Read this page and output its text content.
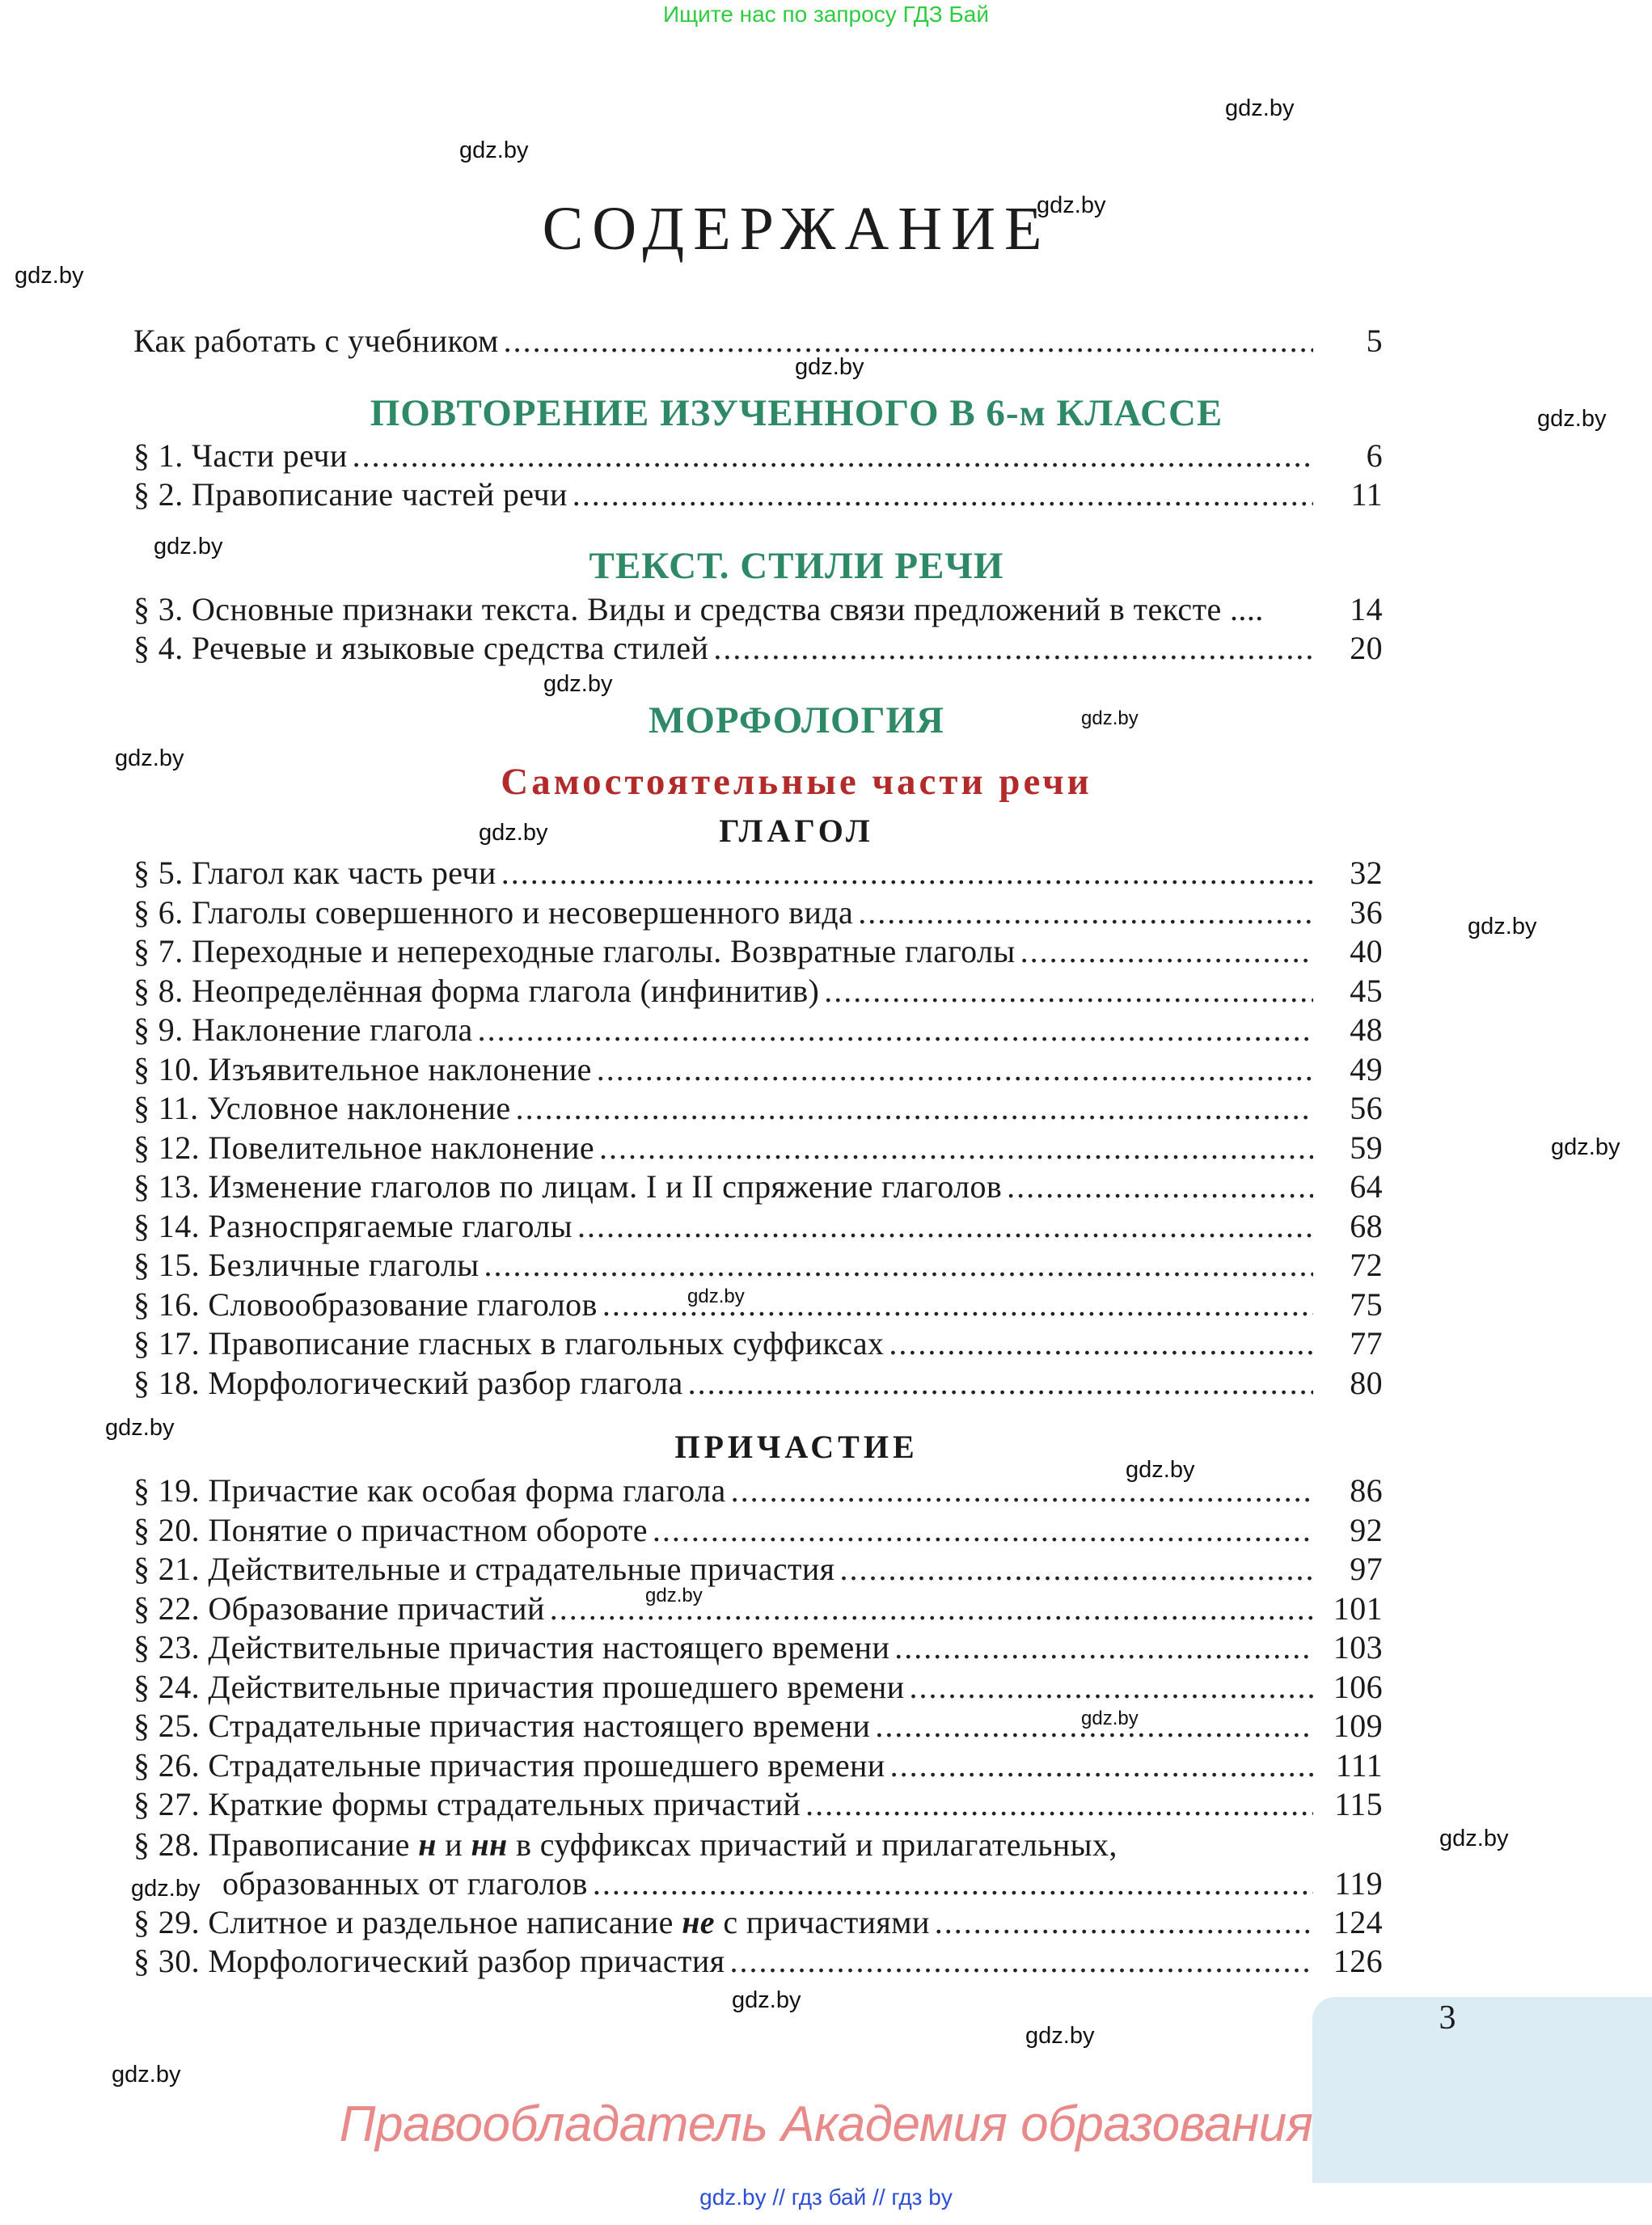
Ищите нас по запросу ГДЗ Бай
gdz.by
gdz.by
gdz.by
gdz.by
gdz.by
gdz.by
gdz.by
gdz.by
gdz.by
gdz.by
gdz.by
gdz.by
gdz.by
gdz.by
gdz.by
gdz.by
gdz.by
gdz.by
gdz.by
gdz.by
gdz.by
gdz.by
gdz.by
СОДЕРЖАНИЕ
Как работать с учебником .....	5
ПОВТОРЕНИЕ ИЗУЧЕННОГО В 6-м КЛАССЕ
§ 1. Части речи .....	6
§ 2. Правописание частей речи .....	11
ТЕКСТ. СТИЛИ РЕЧИ
§ 3. Основные признаки текста. Виды и средства связи предложений в тексте ....	14
§ 4. Речевые и языковые средства стилей .....	20
МОРФОЛОГИЯ
Самостоятельные части речи
ГЛАГОЛ
§ 5. Глагол как часть речи .....	32
§ 6. Глаголы совершенного и несовершенного вида .....	36
§ 7. Переходные и непереходные глаголы. Возвратные глаголы .....	40
§ 8. Неопределённая форма глагола (инфинитив) .....	45
§ 9. Наклонение глагола .....	48
§ 10. Изъявительное наклонение .....	49
§ 11. Условное наклонение .....	56
§ 12. Повелительное наклонение .....	59
§ 13. Изменение глаголов по лицам. I и II спряжение глаголов .....	64
§ 14. Разноспрягаемые глаголы .....	68
§ 15. Безличные глаголы .....	72
§ 16. Словообразование глаголов .....	75
§ 17. Правописание гласных в глагольных суффиксах .....	77
§ 18. Морфологический разбор глагола .....	80
ПРИЧАСТИЕ
§ 19. Причастие как особая форма глагола .....	86
§ 20. Понятие о причастном обороте .....	92
§ 21. Действительные и страдательные причастия .....	97
§ 22. Образование причастий .....	101
§ 23. Действительные причастия настоящего времени .....	103
§ 24. Действительные причастия прошедшего времени .....	106
§ 25. Страдательные причастия настоящего времени .....	109
§ 26. Страдательные причастия прошедшего времени .....	111
§ 27. Краткие формы страдательных причастий .....	115
§ 28. Правописание н и нн в суффиксах причастий и прилагательных,
образованных от глаголов .....	119
§ 29. Слитное и раздельное написание не с причастиями .....	124
§ 30. Морфологический разбор причастия .....	126
3
Правообладатель Академия образования
gdz.by // гдз бай // гдз by
